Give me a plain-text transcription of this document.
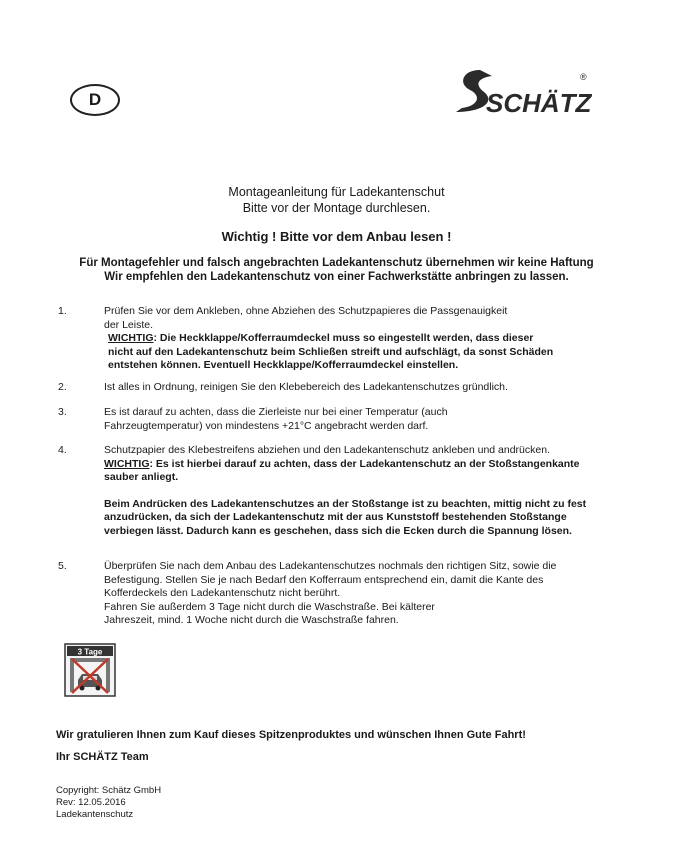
D	SCHÄTZ
®
Montageanleitung für Ladekantenschut
Bitte vor der Montage durchlesen.
Wichtig ! Bitte vor dem Anbau lesen !
Für Montagefehler und falsch angebrachten Ladekantenschutz übernehmen wir keine Haftung
Wir empfehlen den Ladekantenschutz von einer Fachwerkstätte anbringen zu lassen.
1.	Prüfen Sie vor dem Ankleben, ohne Abziehen des Schutzpapieres die Passgenauigkeit
der Leiste.
WICHTIG: Die Heckklappe/Kofferraumdeckel muss so eingestellt werden, dass dieser
nicht auf den Ladekantenschutz beim Schließen streift und aufschlägt, da sonst Schäden
entstehen können. Eventuell Heckklappe/Kofferraumdeckel einstellen.
2.	Ist alles in Ordnung, reinigen Sie den Klebebereich des Ladekantenschutzes gründlich.
3.	Es ist darauf zu achten, dass die Zierleiste nur bei einer Temperatur (auch
Fahrzeugtemperatur) von mindestens +21°C angebracht werden darf.
4.	Schutzpapier des Klebestreifens abziehen und den Ladekantenschutz ankleben und andrücken.
WICHTIG: Es ist hierbei darauf zu achten, dass der Ladekantenschutz an der Stoßstangenkante
sauber anliegt.
Beim Andrücken des Ladekantenschutzes an der Stoßstange ist zu beachten, mittig nicht zu fest
anzudrücken, da sich der Ladekantenschutz mit der aus Kunststoff bestehenden Stoßstange
verbiegen lässt. Dadurch kann es geschehen, dass sich die Ecken durch die Spannung lösen.
5.	Überprüfen Sie nach dem Anbau des Ladekantenschutzes nochmals den richtigen Sitz, sowie die
Befestigung. Stellen Sie je nach Bedarf den Kofferraum entsprechend ein, damit die Kante des
Kofferdeckels den Ladekantenschutz nicht berührt.
Fahren Sie außerdem 3 Tage nicht durch die Waschstraße. Bei kälterer
Jahreszeit, mind. 1 Woche nicht durch die Waschstraße fahren.
3 Tage
Wir gratulieren Ihnen zum Kauf dieses Spitzenproduktes und wünschen Ihnen Gute Fahrt!
Ihr SCHÄTZ Team
Copyright: Schätz GmbH
Rev: 12.05.2016
Ladekantenschutz
